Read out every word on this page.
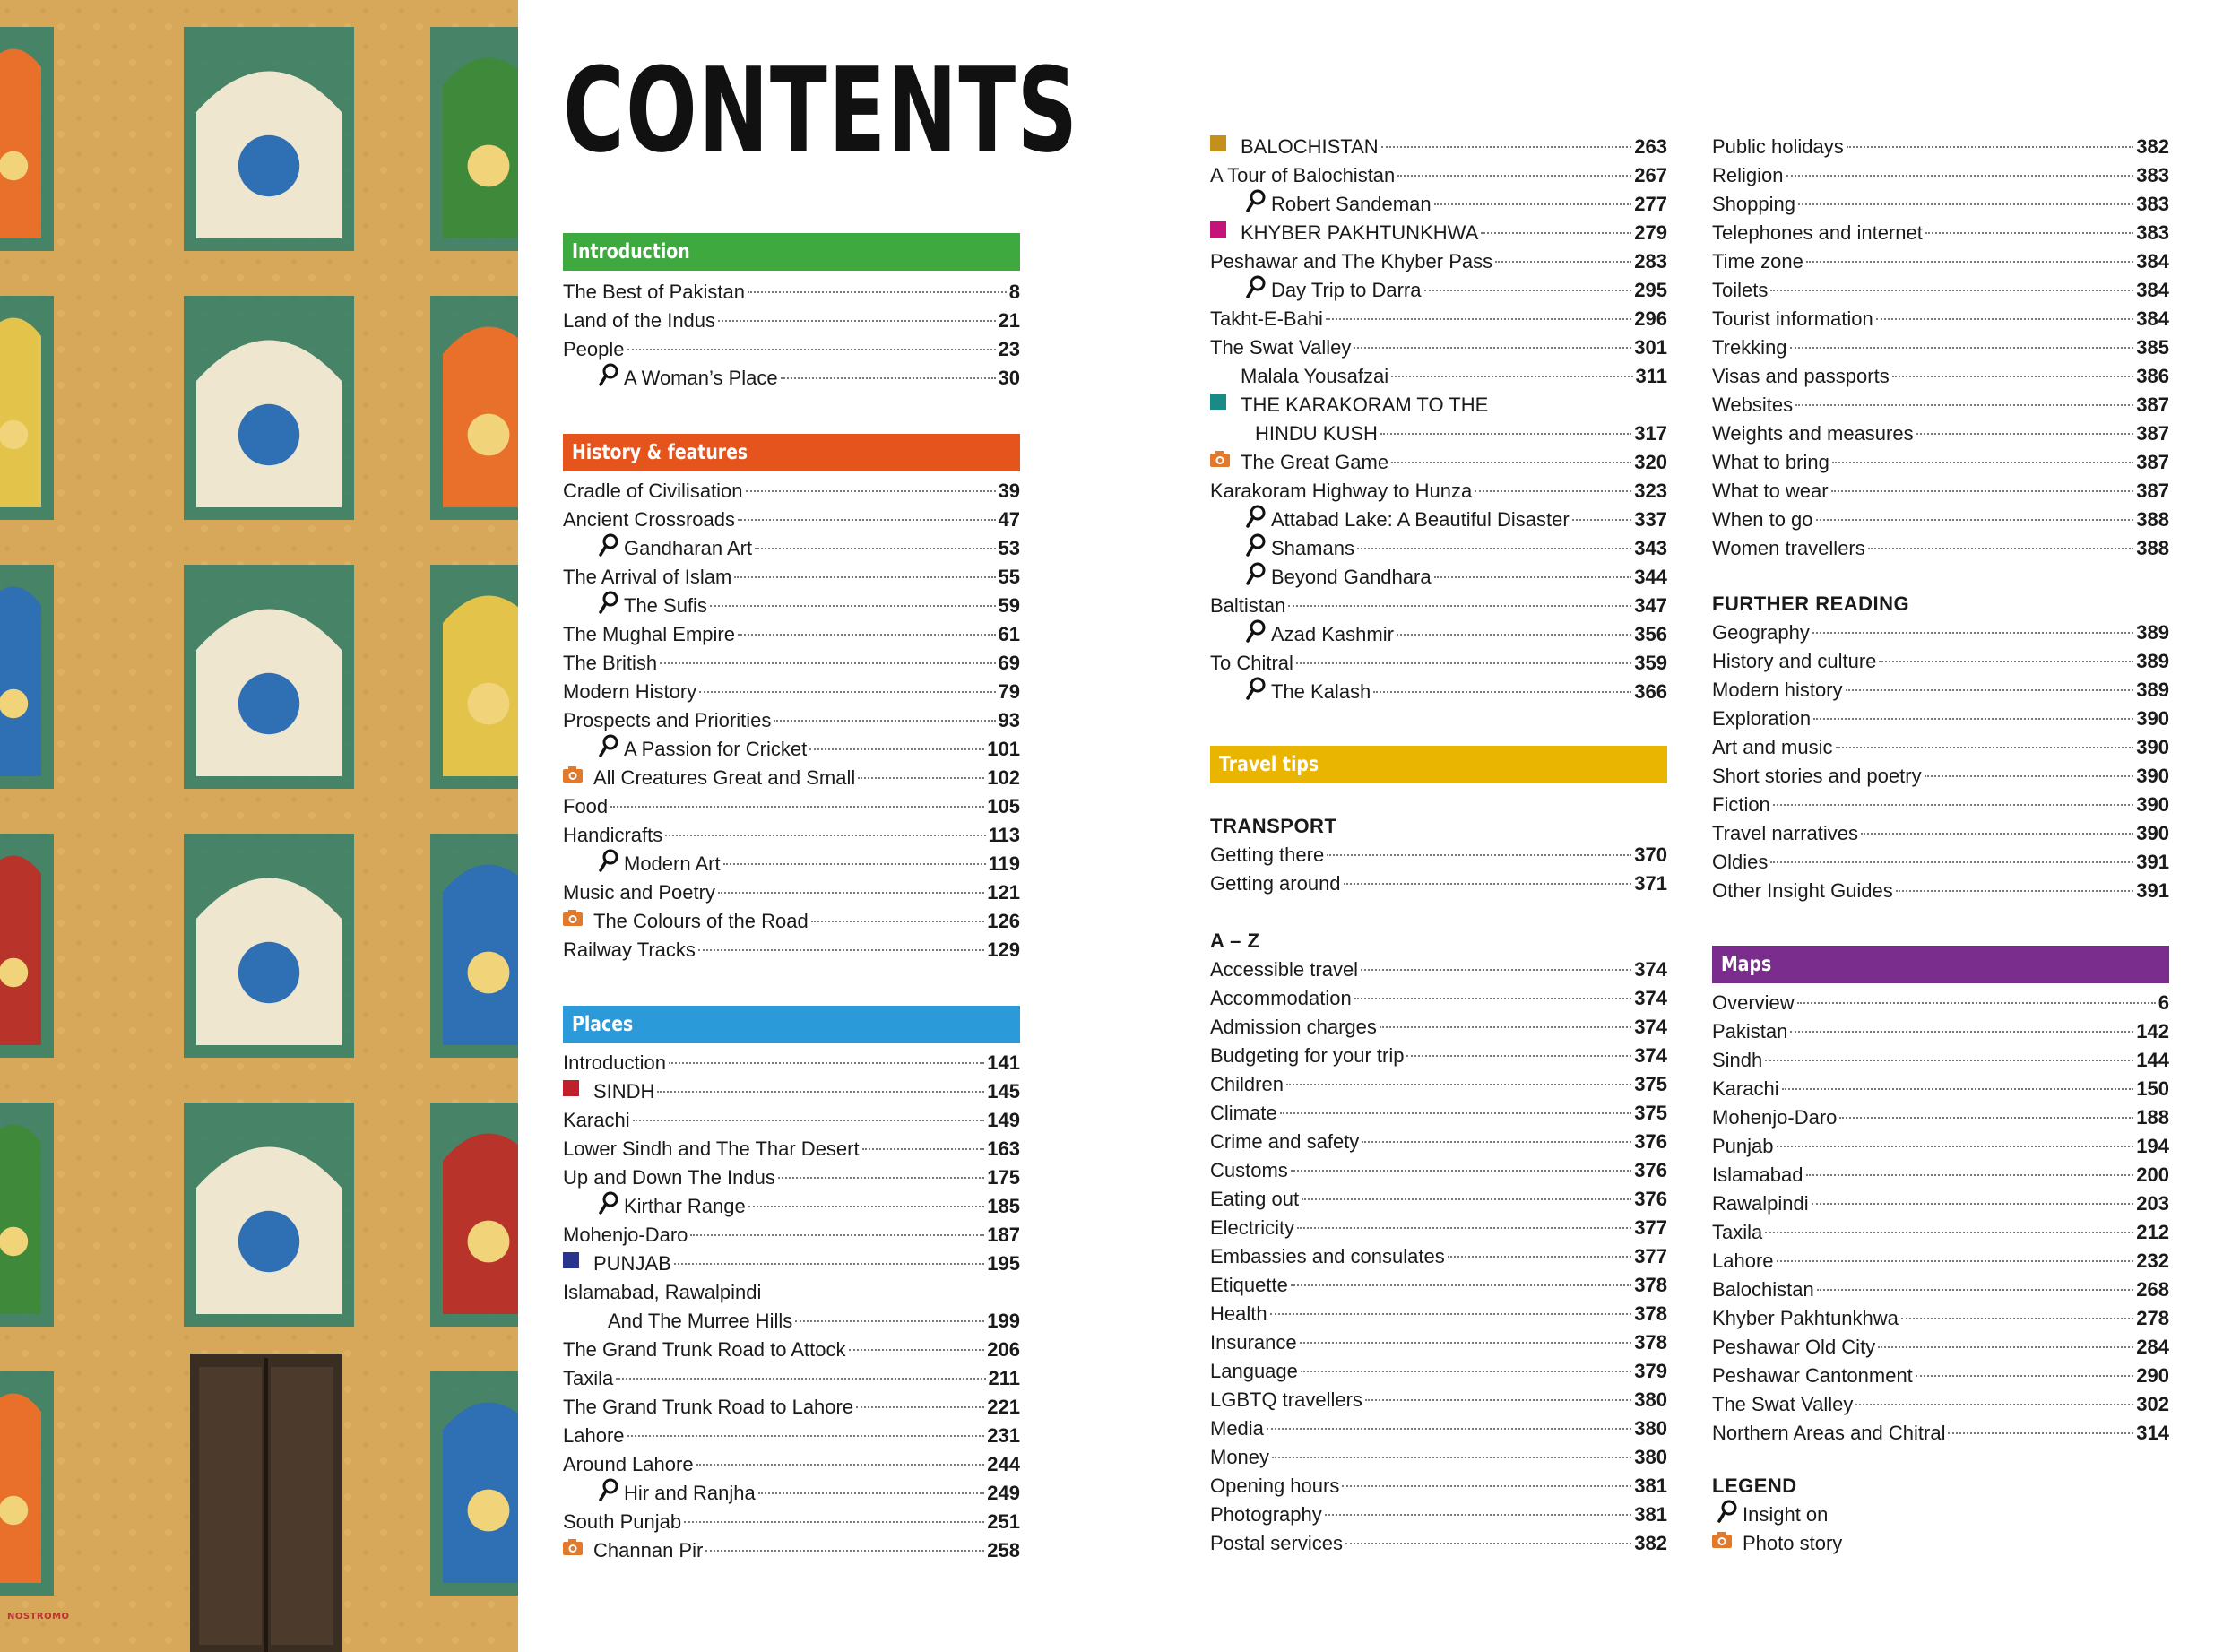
NOSTROMO
CONTENTS
Introduction
The Best of Pakistan	8
Land of the Indus	21
People	23
A Woman’s Place	30
History & features
Cradle of Civilisation	39
Ancient Crossroads	47
Gandharan Art	53
The Arrival of Islam	55
The Sufis	59
The Mughal Empire	61
The British	69
Modern History	79
Prospects and Priorities	93
A Passion for Cricket	101
All Creatures Great and Small	102
Food	105
Handicrafts	113
Modern Art	119
Music and Poetry	121
The Colours of the Road	126
Railway Tracks	129
Places
Introduction	141
SINDH	145
Karachi	149
Lower Sindh and The Thar Desert	163
Up and Down The Indus	175
Kirthar Range	185
Mohenjo-Daro	187
PUNJAB	195
Islamabad, Rawalpindi
And The Murree Hills	199
The Grand Trunk Road to Attock	206
Taxila	211
The Grand Trunk Road to Lahore	221
Lahore	231
Around Lahore	244
Hir and Ranjha	249
South Punjab	251
Channan Pir	258
BALOCHISTAN	263
A Tour of Balochistan	267
Robert Sandeman	277
KHYBER PAKHTUNKHWA	279
Peshawar and The Khyber Pass	283
Day Trip to Darra	295
Takht-E-Bahi	296
The Swat Valley	301
Malala Yousafzai	311
THE KARAKORAM TO THE
HINDU KUSH	317
The Great Game	320
Karakoram Highway to Hunza	323
Attabad Lake: A Beautiful Disaster	337
Shamans	343
Beyond Gandhara	344
Baltistan	347
Azad Kashmir	356
To Chitral	359
The Kalash	366
Travel tips
TRANSPORT
Getting there	370
Getting around	371
A – Z
Accessible travel	374
Accommodation	374
Admission charges	374
Budgeting for your trip	374
Children	375
Climate	375
Crime and safety	376
Customs	376
Eating out	376
Electricity	377
Embassies and consulates	377
Etiquette	378
Health	378
Insurance	378
Language	379
LGBTQ travellers	380
Media	380
Money	380
Opening hours	381
Photography	381
Postal services	382
Public holidays	382
Religion	383
Shopping	383
Telephones and internet	383
Time zone	384
Toilets	384
Tourist information	384
Trekking	385
Visas and passports	386
Websites	387
Weights and measures	387
What to bring	387
What to wear	387
When to go	388
Women travellers	388
FURTHER READING
Geography	389
History and culture	389
Modern history	389
Exploration	390
Art and music	390
Short stories and poetry	390
Fiction	390
Travel narratives	390
Oldies	391
Other Insight Guides	391
Maps
Overview	6
Pakistan	142
Sindh	144
Karachi	150
Mohenjo-Daro	188
Punjab	194
Islamabad	200
Rawalpindi	203
Taxila	212
Lahore	232
Balochistan	268
Khyber Pakhtunkhwa	278
Peshawar Old City	284
Peshawar Cantonment	290
The Swat Valley	302
Northern Areas and Chitral	314
LEGEND
Insight on
Photo story
